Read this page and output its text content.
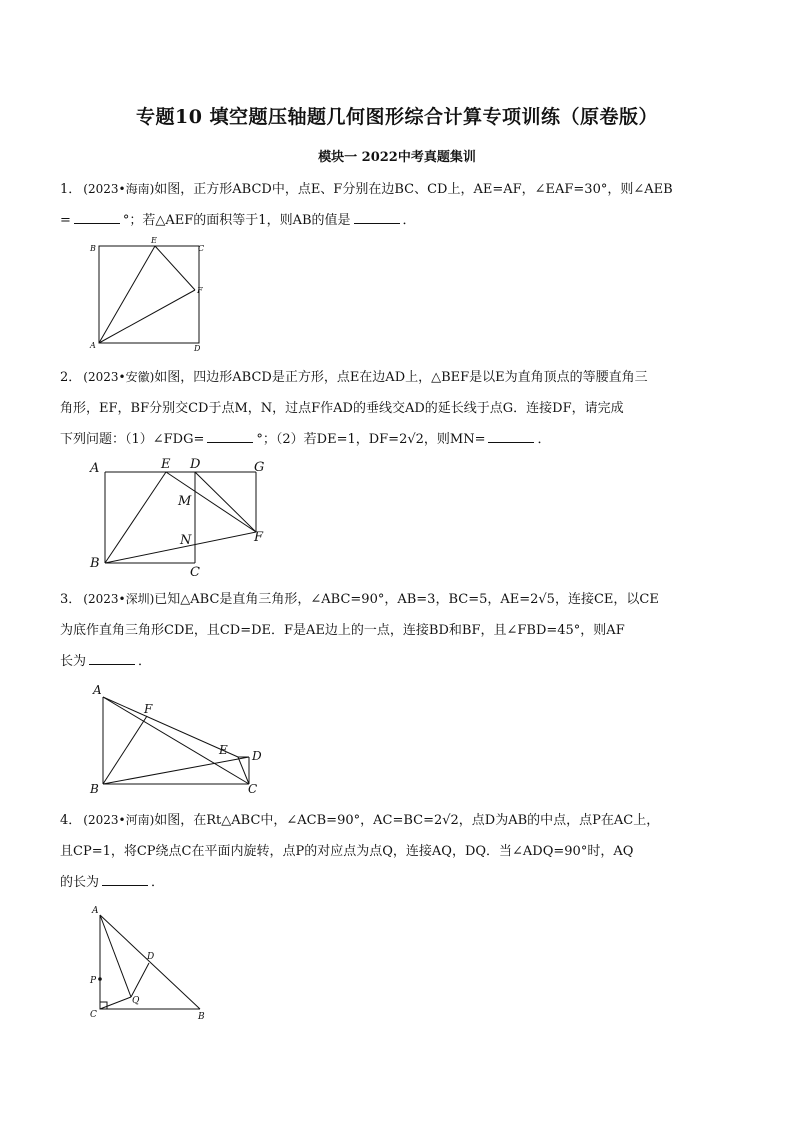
专题10 填空题压轴题几何图形综合计算专项训练（原卷版）
模块一 2022中考真题集训
1． (2023•海南)如图，正方形ABCD中，点E、F分别在边BC、CD上，AE=AF，∠EAF=30°，则∠AEB
=	°；若△AEF的面积等于1，则AB的值是	．
B
E
C
F
A	D
2． (2023•安徽)如图，四边形ABCD是正方形，点E在边AD上，△BEF是以E为直角顶点的等腰直角三
角形，EF，BF分别交CD于点M，N，过点F作AD的垂线交AD的延长线于点G．连接DF，请完成
下列问题：（1）∠FDG=	°；（2）若DE=1，DF=2√2，则MN=	．
A	E D	G
M
N	F
B
C
3． (2023•深圳)已知△ABC是直角三角形，∠ABC=90°，AB=3，BC=5，AE=2√5，连接CE，以CE
为底作直角三角形CDE，且CD=DE．F是AE边上的一点，连接BD和BF，且∠FBD=45°，则AF
长为	．
A
F
E D
B	C
4． (2023•河南)如图，在Rt△ABC中，∠ACB=90°，AC=BC=2√2，点D为AB的中点，点P在AC上，
且CP=1，将CP绕点C在平面内旋转，点P的对应点为点Q，连接AQ，DQ．当∠ADQ=90°时，AQ
的长为	．
A
P
D
Q
C	B
